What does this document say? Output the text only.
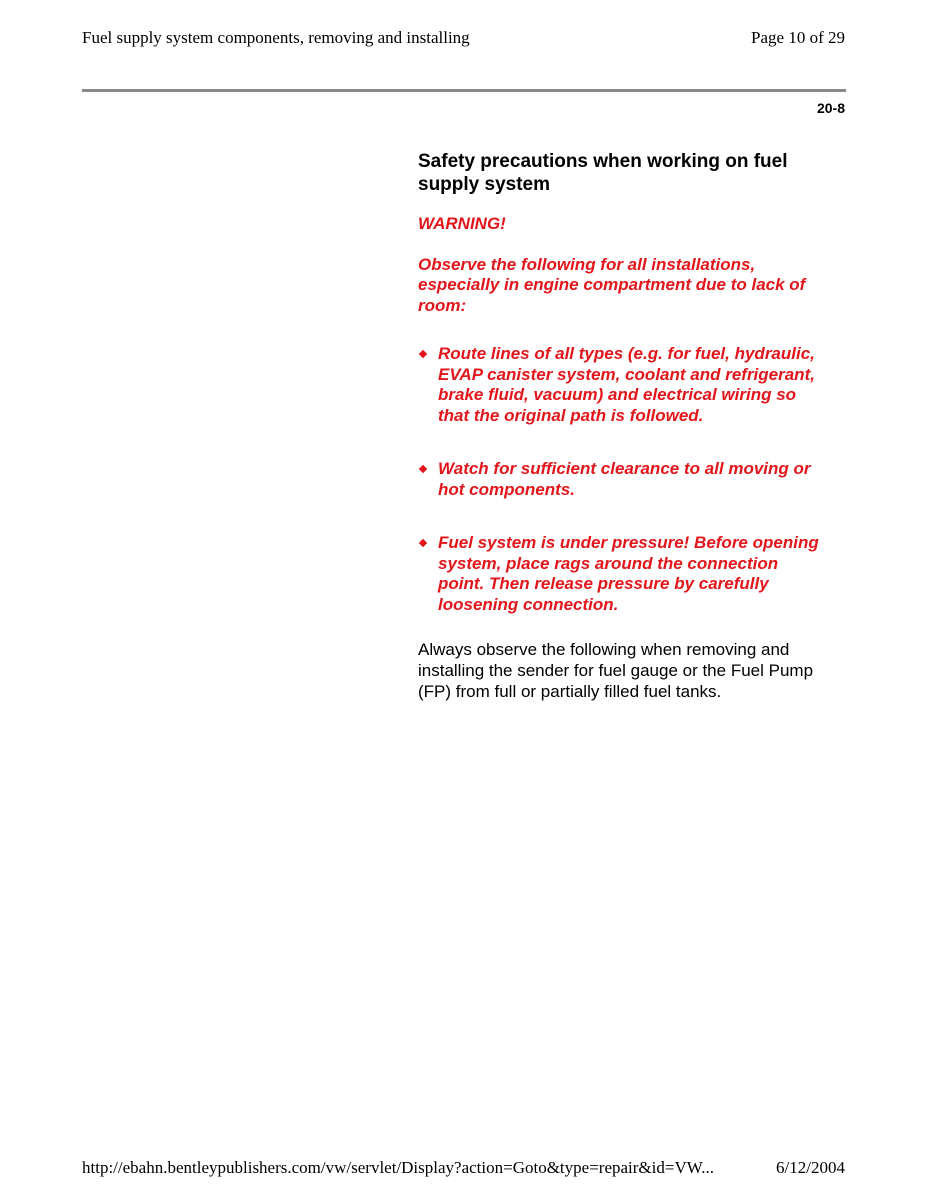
Fuel supply system components, removing and installing	Page 10 of 29
20-8
Safety precautions when working on fuel supply system
WARNING!
Observe the following for all installations, especially in engine compartment due to lack of room:
Route lines of all types (e.g. for fuel, hydraulic, EVAP canister system, coolant and refrigerant, brake fluid, vacuum) and electrical wiring so that the original path is followed.
Watch for sufficient clearance to all moving or hot components.
Fuel system is under pressure! Before opening system, place rags around the connection point. Then release pressure by carefully loosening connection.
Always observe the following when removing and installing the sender for fuel gauge or the Fuel Pump (FP) from full or partially filled fuel tanks.
http://ebahn.bentleypublishers.com/vw/servlet/Display?action=Goto&type=repair&id=VW...	6/12/2004
